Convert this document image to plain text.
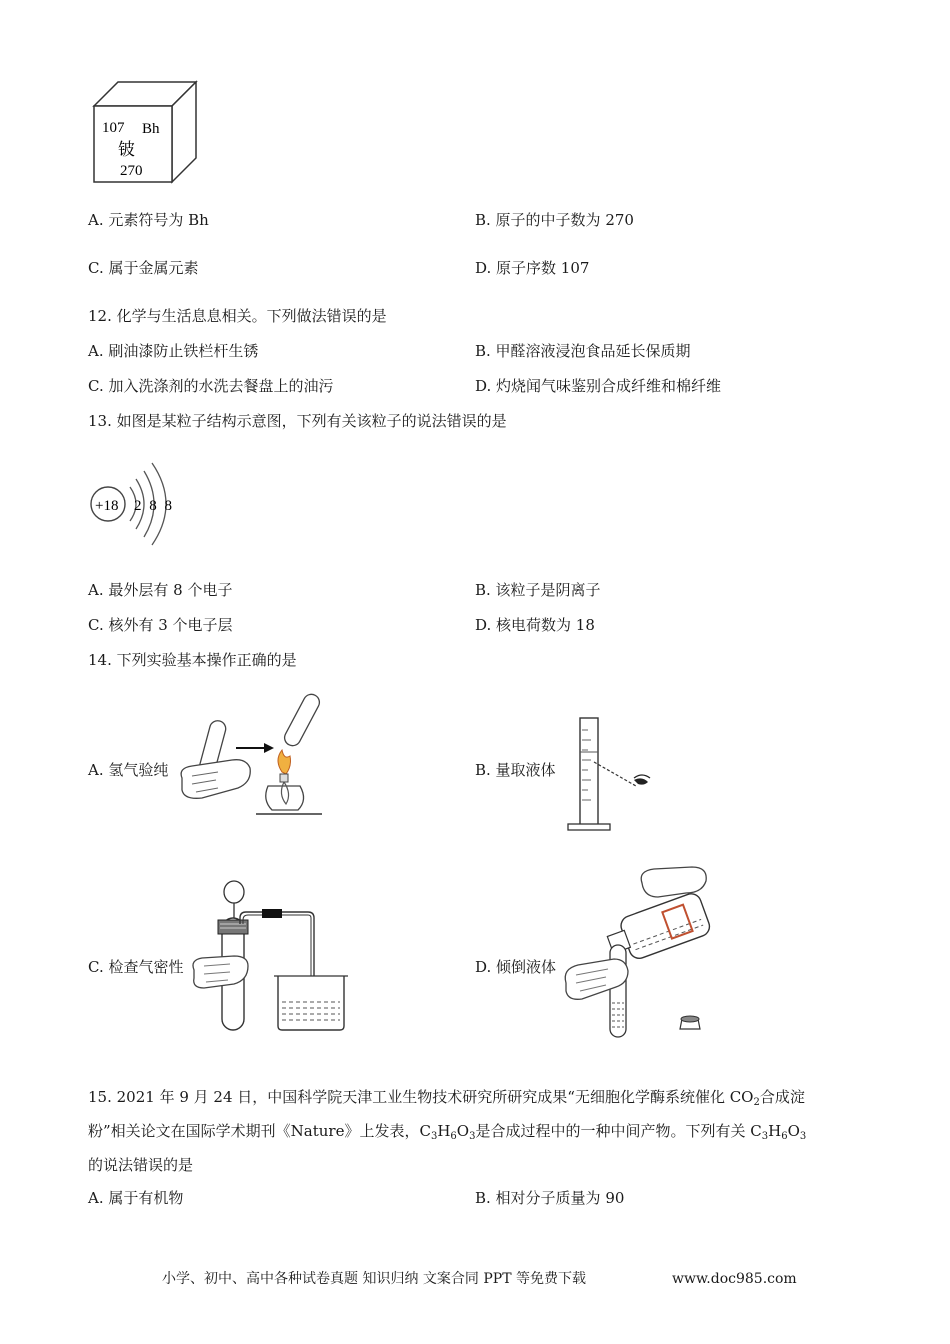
107 Bh
铍
270
A. 元素符号为 Bh	B. 原子的中子数为 270
C. 属于金属元素	D. 原子序数 107
12. 化学与生活息息相关。下列做法错误的是
A. 刷油漆防止铁栏杆生锈	B. 甲醛溶液浸泡食品延长保质期
C. 加入洗涤剂的水洗去餐盘上的油污	D. 灼烧闻气味鉴别合成纤维和棉纤维
13. 如图是某粒子结构示意图，下列有关该粒子的说法错误的是
+18 2 8 8
A. 最外层有 8 个电子	B. 该粒子是阴离子
C. 核外有 3 个电子层	D. 核电荷数为 18
14. 下列实验基本操作正确的是
A. 氢气验纯	B. 量取液体
C. 检查气密性	D. 倾倒液体
15. 2021 年 9 月 24 日，中国科学院天津工业生物技术研究所研究成果“无细胞化学酶系统催化 $CO_2$合成淀
粉”相关论文在国际学术期刊《Nature》上发表，$C_3H_6O_3$是合成过程中的一种中间产物。下列有关 $C_3H_6O_3$
的说法错误的是
A. 属于有机物	B. 相对分子质量为 90
小学、初中、高中各种试卷真题 知识归纳 文案合同 PPT 等免费下载	www.doc985.com
